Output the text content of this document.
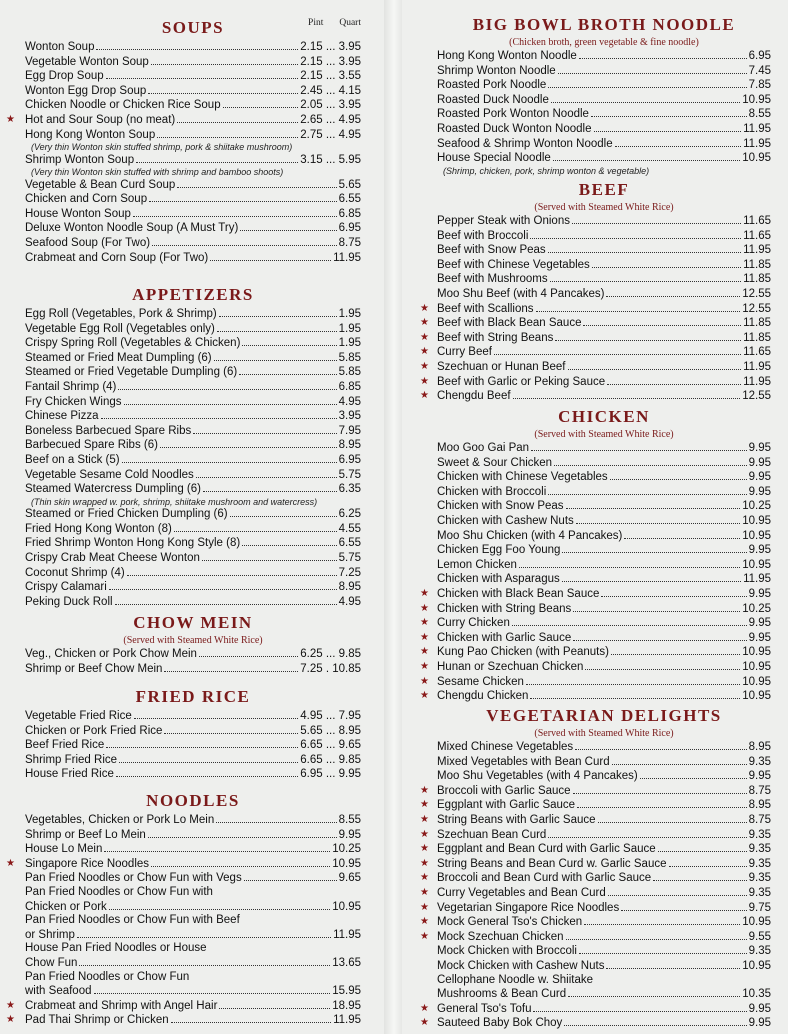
SOUPS	Pint Quart
Wonton Soup	2.15 ... 3.95
Vegetable Wonton Soup	2.15 ... 3.95
Egg Drop Soup	2.15 ... 3.55
Wonton Egg Drop Soup	2.45 ... 4.15
Chicken Noodle or Chicken Rice Soup	2.05 ... 3.95
★ Hot and Sour Soup (no meat)	2.65 ... 4.95
Hong Kong Wonton Soup	2.75 ... 4.95
(Very thin Wonton skin stuffed shrimp, pork & shiitake mushroom)
Shrimp Wonton Soup	3.15 ... 5.95
(Very thin Wonton skin stuffed with shrimp and bamboo shoots)
Vegetable & Bean Curd Soup	5.65
Chicken and Corn Soup	6.55
House Wonton Soup	6.85
Deluxe Wonton Noodle Soup (A Must Try)	6.95
Seafood Soup (For Two)	8.75
Crabmeat and Corn Soup (For Two)	11.95
APPETIZERS
Egg Roll (Vegetables, Pork & Shrimp)	1.95
Vegetable Egg Roll (Vegetables only)	1.95
Crispy Spring Roll (Vegetables & Chicken)	1.95
Steamed or Fried Meat Dumpling (6)	5.85
Steamed or Fried Vegetable Dumpling (6)	5.85
Fantail Shrimp (4)	6.85
Fry Chicken Wings	4.95
Chinese Pizza	3.95
Boneless Barbecued Spare Ribs	7.95
Barbecued Spare Ribs (6)	8.95
Beef on a Stick (5)	6.95
Vegetable Sesame Cold Noodles	5.75
Steamed Watercress Dumpling (6)	6.35
(Thin skin wrapped w. pork, shrimp, shiitake mushroom and watercress)
Steamed or Fried Chicken Dumpling (6)	6.25
Fried Hong Kong Wonton (8)	4.55
Fried Shrimp Wonton Hong Kong Style (8)	6.55
Crispy Crab Meat Cheese Wonton	5.75
Coconut Shrimp (4)	7.25
Crispy Calamari	8.95
Peking Duck Roll	4.95
CHOW MEIN
(Served with Steamed White Rice)
Veg., Chicken or Pork Chow Mein	6.25 ... 9.85
Shrimp or Beef Chow Mein	7.25 . 10.85
FRIED RICE
Vegetable Fried Rice	4.95 ... 7.95
Chicken or Pork Fried Rice	5.65 ... 8.95
Beef Fried Rice	6.65 ... 9.65
Shrimp Fried Rice	6.65 ... 9.85
House Fried Rice	6.95 ... 9.95
NOODLES
Vegetables, Chicken or Pork Lo Mein	8.55
Shrimp or Beef Lo Mein	9.95
House Lo Mein	10.25
★ Singapore Rice Noodles	10.95
Pan Fried Noodles or Chow Fun with Vegs	9.65
Pan Fried Noodles or Chow Fun with
Chicken or Pork	10.95
Pan Fried Noodles or Chow Fun with Beef
or Shrimp	11.95
House Pan Fried Noodles or House
Chow Fun	13.65
Pan Fried Noodles or Chow Fun
with Seafood	15.95
★ Crabmeat and Shrimp with Angel Hair	18.95
★ Pad Thai Shrimp or Chicken	11.95
BIG BOWL BROTH NOODLE
(Chicken broth, green vegetable & fine noodle)
Hong Kong Wonton Noodle	6.95
Shrimp Wonton Noodle	7.45
Roasted Pork Noodle	7.85
Roasted Duck Noodle	10.95
Roasted Pork Wonton Noodle	8.55
Roasted Duck Wonton Noodle	11.95
Seafood & Shrimp Wonton Noodle	11.95
House Special Noodle	10.95
(Shrimp, chicken, pork, shrimp wonton & vegetable)
BEEF
(Served with Steamed White Rice)
Pepper Steak with Onions	11.65
Beef with Broccoli	11.65
Beef with Snow Peas	11.95
Beef with Chinese Vegetables	11.85
Beef with Mushrooms	11.85
Moo Shu Beef (with 4 Pancakes)	12.55
★ Beef with Scallions	12.55
★ Beef with Black Bean Sauce	11.85
★ Beef with String Beans	11.85
★ Curry Beef	11.65
★ Szechuan or Hunan Beef	11.95
★ Beef with Garlic or Peking Sauce	11.95
★ Chengdu Beef	12.55
CHICKEN
(Served with Steamed White Rice)
Moo Goo Gai Pan	9.95
Sweet & Sour Chicken	9.95
Chicken with Chinese Vegetables	9.95
Chicken with Broccoli	9.95
Chicken with Snow Peas	10.25
Chicken with Cashew Nuts	10.95
Moo Shu Chicken (with 4 Pancakes)	10.95
Chicken Egg Foo Young	9.95
Lemon Chicken	10.95
Chicken with Asparagus	11.95
★ Chicken with Black Bean Sauce	9.95
★ Chicken with String Beans	10.25
★ Curry Chicken	9.95
★ Chicken with Garlic Sauce	9.95
★ Kung Pao Chicken (with Peanuts)	10.95
★ Hunan or Szechuan Chicken	10.95
★ Sesame Chicken	10.95
★ Chengdu Chicken	10.95
VEGETARIAN DELIGHTS
(Served with Steamed White Rice)
Mixed Chinese Vegetables	8.95
Mixed Vegetables with Bean Curd	9.35
Moo Shu Vegetables (with 4 Pancakes)	9.95
★ Broccoli with Garlic Sauce	8.75
★ Eggplant with Garlic Sauce	8.95
★ String Beans with Garlic Sauce	8.75
★ Szechuan Bean Curd	9.35
★ Eggplant and Bean Curd with Garlic Sauce	9.35
★ String Beans and Bean Curd w. Garlic Sauce	9.35
★ Broccoli and Bean Curd with Garlic Sauce	9.35
★ Curry Vegetables and Bean Curd	9.35
★ Vegetarian Singapore Rice Noodles	9.75
★ Mock General Tso's Chicken	10.95
★ Mock Szechuan Chicken	9.55
Mock Chicken with Broccoli	9.35
Mock Chicken with Cashew Nuts	10.95
Cellophane Noodle w. Shiitake
Mushrooms & Bean Curd	10.35
★ General Tso's Tofu	9.95
★ Sauteed Baby Bok Choy	9.95
